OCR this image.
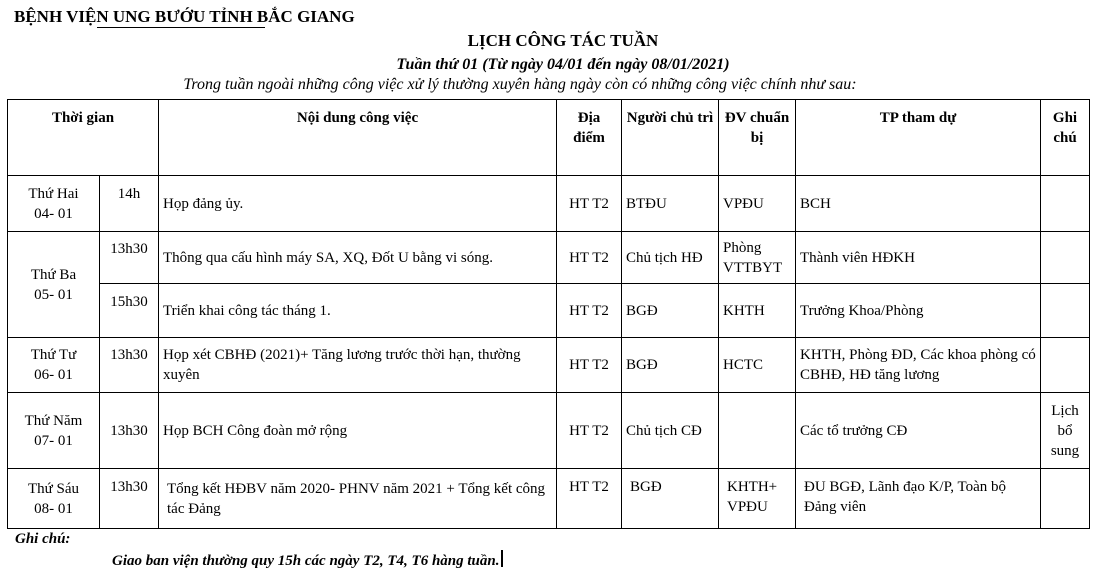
BỆNH VIỆN UNG BƯỚU TỈNH BẮC GIANG
LỊCH CÔNG TÁC TUẦN
Tuần thứ 01 (Từ ngày 04/01 đến ngày 08/01/2021)
Trong tuần ngoài những công việc xử lý thường xuyên hàng ngày còn có những công việc chính như sau:
Thời gian		Nội dung công việc	Địa điểm	Người chủ trì	ĐV chuẩn bị	TP tham dự	Ghi chú

Thứ Hai
04- 01	14h	Họp đảng ủy.	HT T2	BTĐU	VPĐU	BCH	

Thứ Ba
05- 01	13h30	Thông qua cấu hình máy SA, XQ, Đốt U bằng vi sóng.	HT T2	Chủ tịch HĐ	Phòng VTTBYT	Thành viên HĐKH	
	15h30	Triển khai công tác tháng 1.	HT T2	BGĐ	KHTH	Trưởng Khoa/Phòng	

Thứ Tư
06- 01	13h30	Họp xét CBHĐ (2021)+ Tăng lương trước thời hạn, thường xuyên	HT T2	BGĐ	HCTC	KHTH, Phòng ĐD, Các khoa phòng có CBHĐ, HĐ tăng lương	

Thứ Năm
07- 01	13h30	Họp BCH Công đoàn mở rộng	HT T2	Chủ tịch CĐ		Các tổ trưởng CĐ	Lịch bổ sung

Thứ Sáu
08- 01	13h30	Tổng kết HĐBV năm 2020- PHNV năm 2021 + Tổng kết công tác Đảng	HT T2	BGĐ	KHTH+ VPĐU	ĐU BGĐ, Lãnh đạo K/P, Toàn bộ Đảng viên	
Ghi chú:
Giao ban viện thường quy 15h các ngày T2, T4, T6 hàng tuần.
